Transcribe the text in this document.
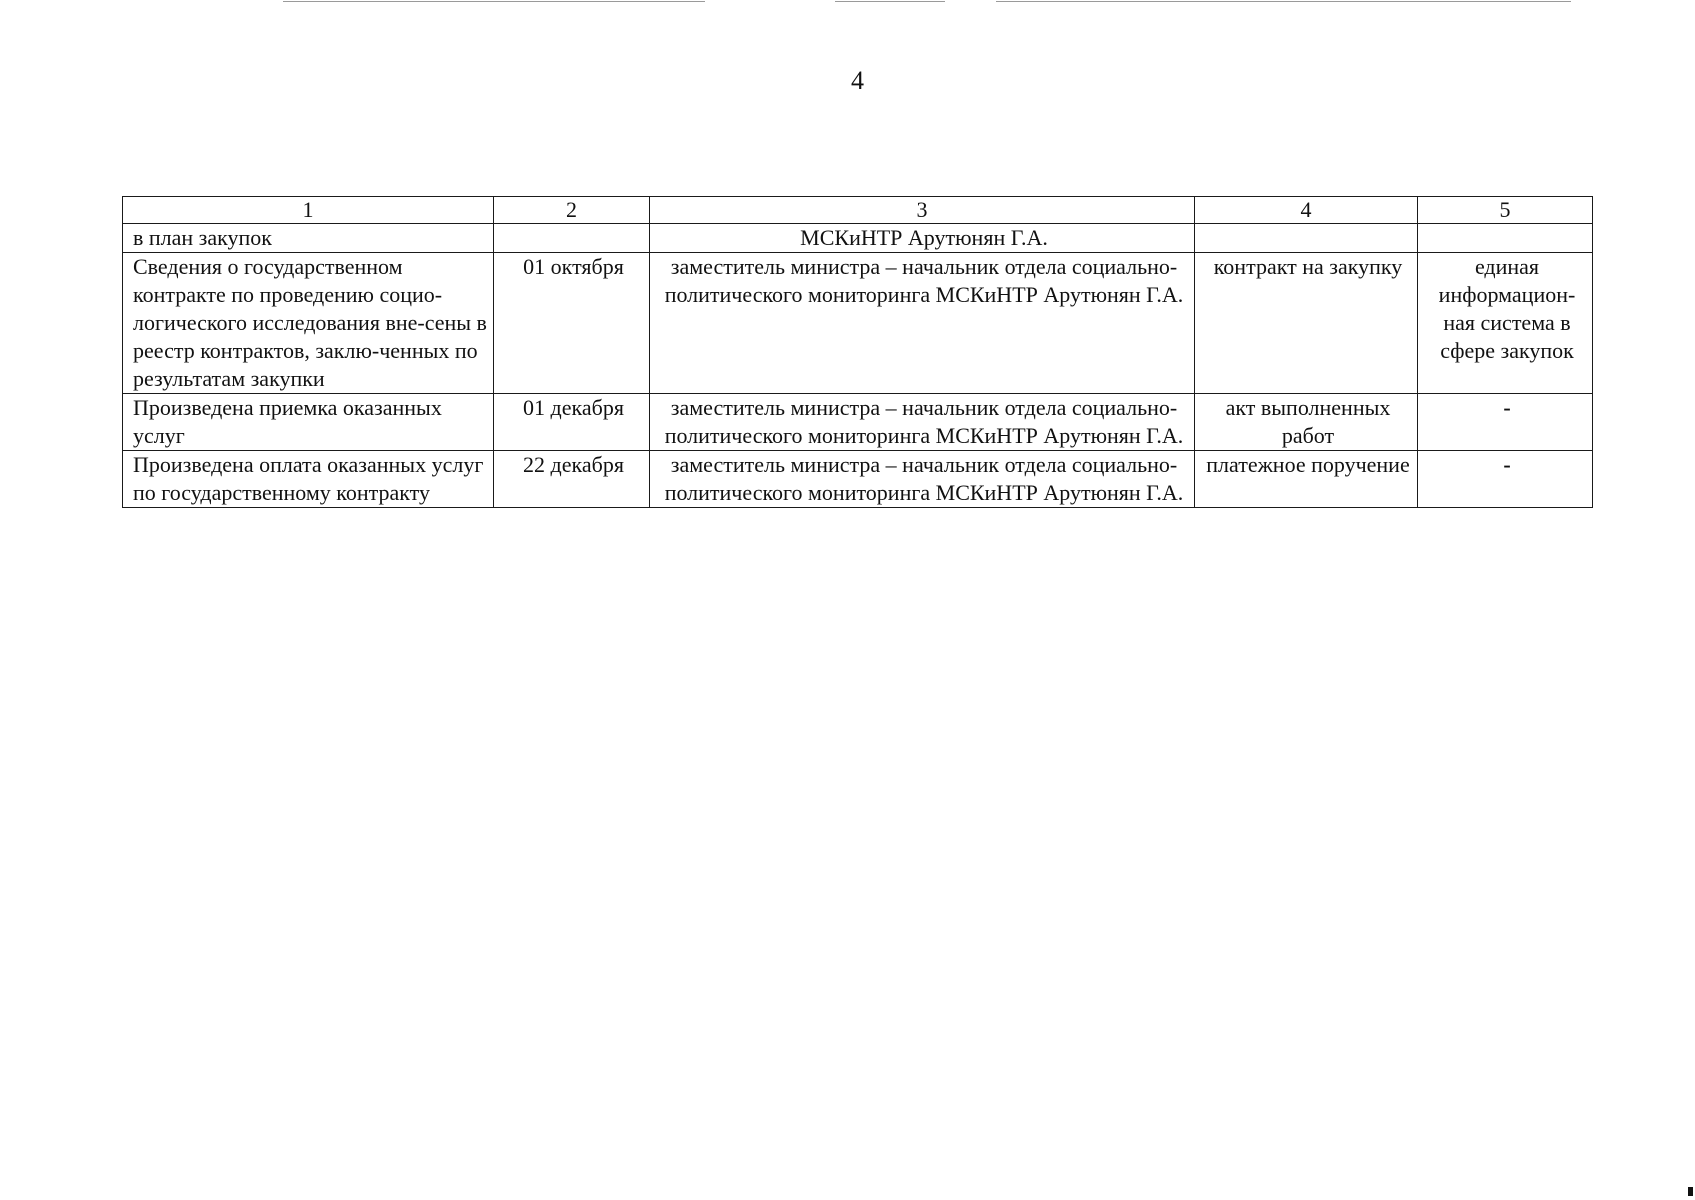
4
1	2	3	4	5
в план закупок		МСКиНТР Арутюнян Г.А.		
Сведения о государственном контракте по проведению социо-логического исследования вне-сены в реестр контрактов, заклю-ченных по результатам закупки	01 октября	заместитель министра – начальник отдела социально-политического мониторинга МСКиНТР Арутюнян Г.А.	контракт на закупку	единая информацион-ная система в сфере закупок
Произведена приемка оказанных услуг	01 декабря	заместитель министра – начальник отдела социально-политического мониторинга МСКиНТР Арутюнян Г.А.	акт выполненных работ	-
Произведена оплата оказанных услуг по государственному контракту	22 декабря	заместитель министра – начальник отдела социально-политического мониторинга МСКиНТР Арутюнян Г.А.	платежное поручение	-
